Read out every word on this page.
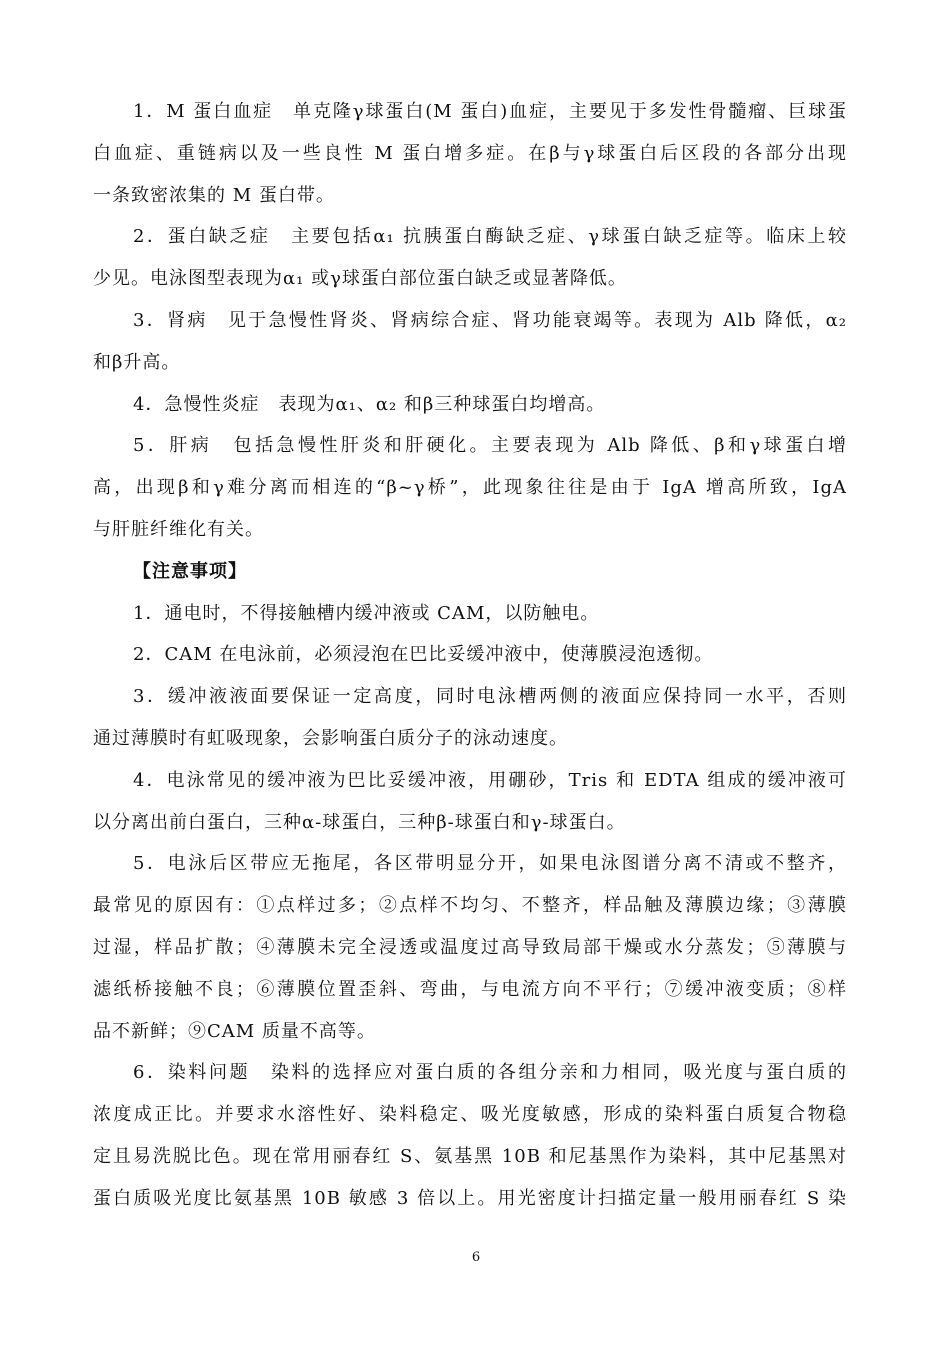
1．M 蛋白血症　单克隆γ球蛋白(M 蛋白)血症，主要见于多发性骨髓瘤、巨球蛋
白血症、重链病以及一些良性 M 蛋白增多症。在β与γ球蛋白后区段的各部分出现
一条致密浓集的 M 蛋白带。
2．蛋白缺乏症　主要包括α₁ 抗胰蛋白酶缺乏症、γ球蛋白缺乏症等。临床上较
少见。电泳图型表现为α₁ 或γ球蛋白部位蛋白缺乏或显著降低。
3．肾病　见于急慢性肾炎、肾病综合症、肾功能衰竭等。表现为 Alb 降低，α₂
和β升高。
4．急慢性炎症　表现为α₁、α₂ 和β三种球蛋白均增高。
5．肝病　包括急慢性肝炎和肝硬化。主要表现为 Alb 降低、β和γ球蛋白增
高，出现β和γ难分离而相连的“β~γ桥”，此现象往往是由于 IgA 增高所致，IgA
与肝脏纤维化有关。
【注意事项】
1．通电时，不得接触槽内缓冲液或 CAM，以防触电。
2．CAM 在电泳前，必须浸泡在巴比妥缓冲液中，使薄膜浸泡透彻。
3．缓冲液液面要保证一定高度，同时电泳槽两侧的液面应保持同一水平，否则
通过薄膜时有虹吸现象，会影响蛋白质分子的泳动速度。
4．电泳常见的缓冲液为巴比妥缓冲液，用硼砂，Tris 和 EDTA 组成的缓冲液可
以分离出前白蛋白，三种α-球蛋白，三种β-球蛋白和γ-球蛋白。
5．电泳后区带应无拖尾，各区带明显分开，如果电泳图谱分离不清或不整齐，
最常见的原因有：①点样过多；②点样不均匀、不整齐，样品触及薄膜边缘；③薄膜
过湿，样品扩散；④薄膜未完全浸透或温度过高导致局部干燥或水分蒸发；⑤薄膜与
滤纸桥接触不良；⑥薄膜位置歪斜、弯曲，与电流方向不平行；⑦缓冲液变质；⑧样
品不新鲜；⑨CAM 质量不高等。
6．染料问题　染料的选择应对蛋白质的各组分亲和力相同，吸光度与蛋白质的
浓度成正比。并要求水溶性好、染料稳定、吸光度敏感，形成的染料蛋白质复合物稳
定且易洗脱比色。现在常用丽春红 S、氨基黑 10B 和尼基黑作为染料，其中尼基黑对
蛋白质吸光度比氨基黑 10B 敏感 3 倍以上。用光密度计扫描定量一般用丽春红 S 染
6
